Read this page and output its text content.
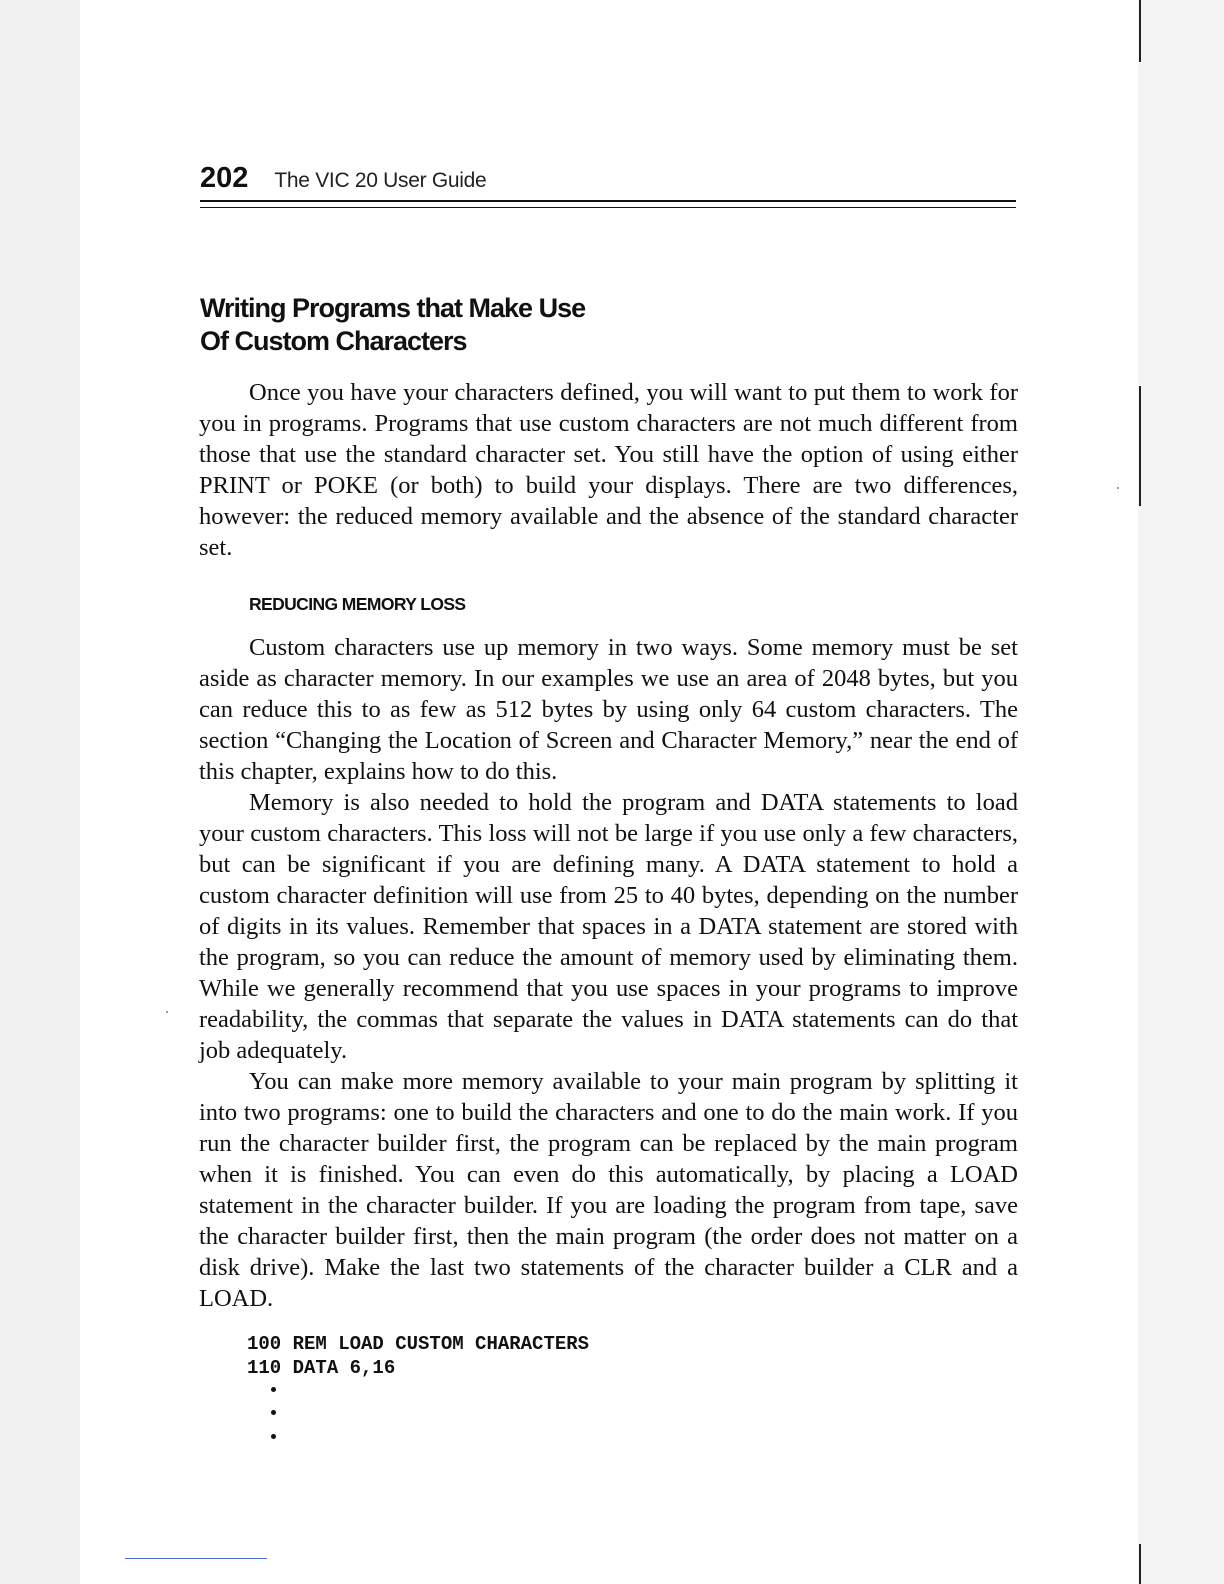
202 The VIC 20 User Guide
Writing Programs that Make Use
Of Custom Characters

Once you have your characters defined, you will want to put them to work for you in programs. Programs that use custom characters are not much different from those that use the standard character set. You still have the option of using either PRINT or POKE (or both) to build your displays. There are two differences, however: the reduced memory available and the absence of the standard character set.

REDUCING MEMORY LOSS

Custom characters use up memory in two ways. Some memory must be set aside as character memory. In our examples we use an area of 2048 bytes, but you can reduce this to as few as 512 bytes by using only 64 custom characters. The section “Changing the Location of Screen and Character Memory,” near the end of this chapter, explains how to do this.

Memory is also needed to hold the program and DATA statements to load your custom characters. This loss will not be large if you use only a few characters, but can be significant if you are defining many. A DATA statement to hold a custom character definition will use from 25 to 40 bytes, depending on the number of digits in its values. Remember that spaces in a DATA statement are stored with the program, so you can reduce the amount of memory used by eliminating them. While we generally recommend that you use spaces in your programs to improve readability, the commas that separate the values in DATA statements can do that job adequately.

You can make more memory available to your main program by splitting it into two programs: one to build the characters and one to do the main work. If you run the character builder first, the program can be replaced by the main program when it is finished. You can even do this automatically, by placing a LOAD statement in the character builder. If you are loading the program from tape, save the character builder first, then the main program (the order does not matter on a disk drive). Make the last two statements of the character builder a CLR and a LOAD.

100 REM LOAD CUSTOM CHARACTERS
110 DATA 6,16
